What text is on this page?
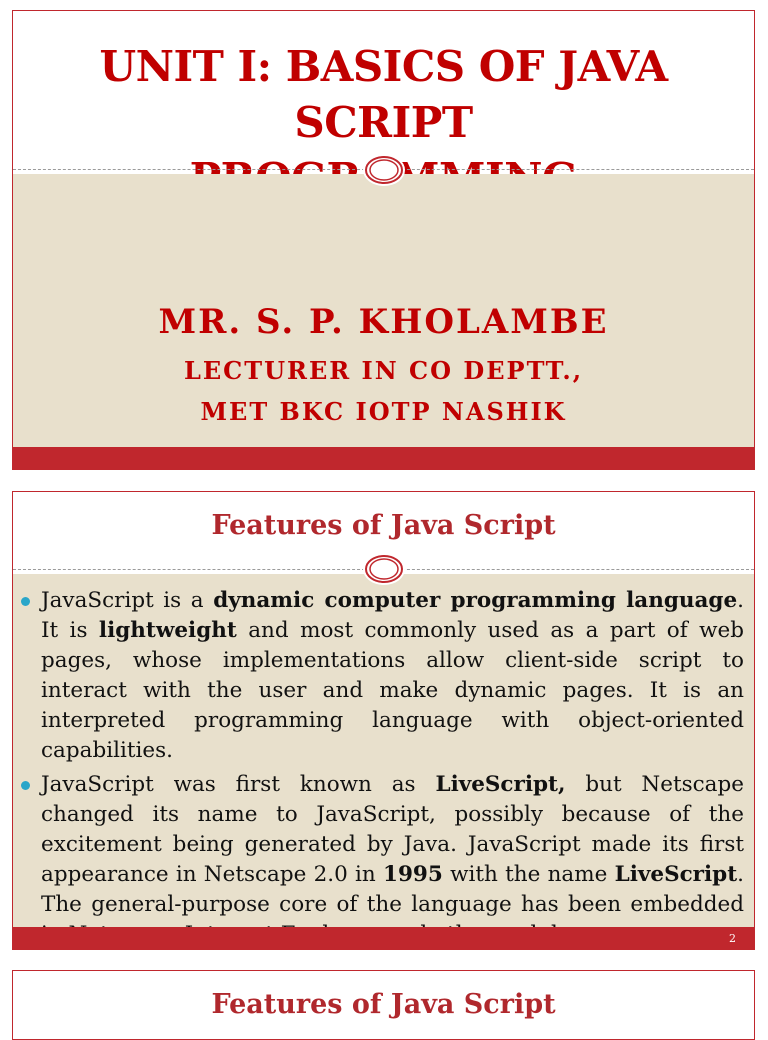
UNIT I: BASICS OF JAVA SCRIPT
MR. S. P. KHOLAMBE
LECTURER IN CO DEPTT.,
MET BKC IOTP NASHIK
Features of Java Script
JavaScript is a dynamic computer programming language. It is lightweight and most commonly used as a part of web pages, whose implementations allow client-side script to interact with the user and make dynamic pages. It is an interpreted programming language with object-oriented capabilities.
JavaScript was first known as LiveScript, but Netscape changed its name to JavaScript, possibly because of the excitement being generated by Java. JavaScript made its first appearance in Netscape 2.0 in 1995 with the name LiveScript. The general-purpose core of the language has been embedded
2
Features of Java Script
